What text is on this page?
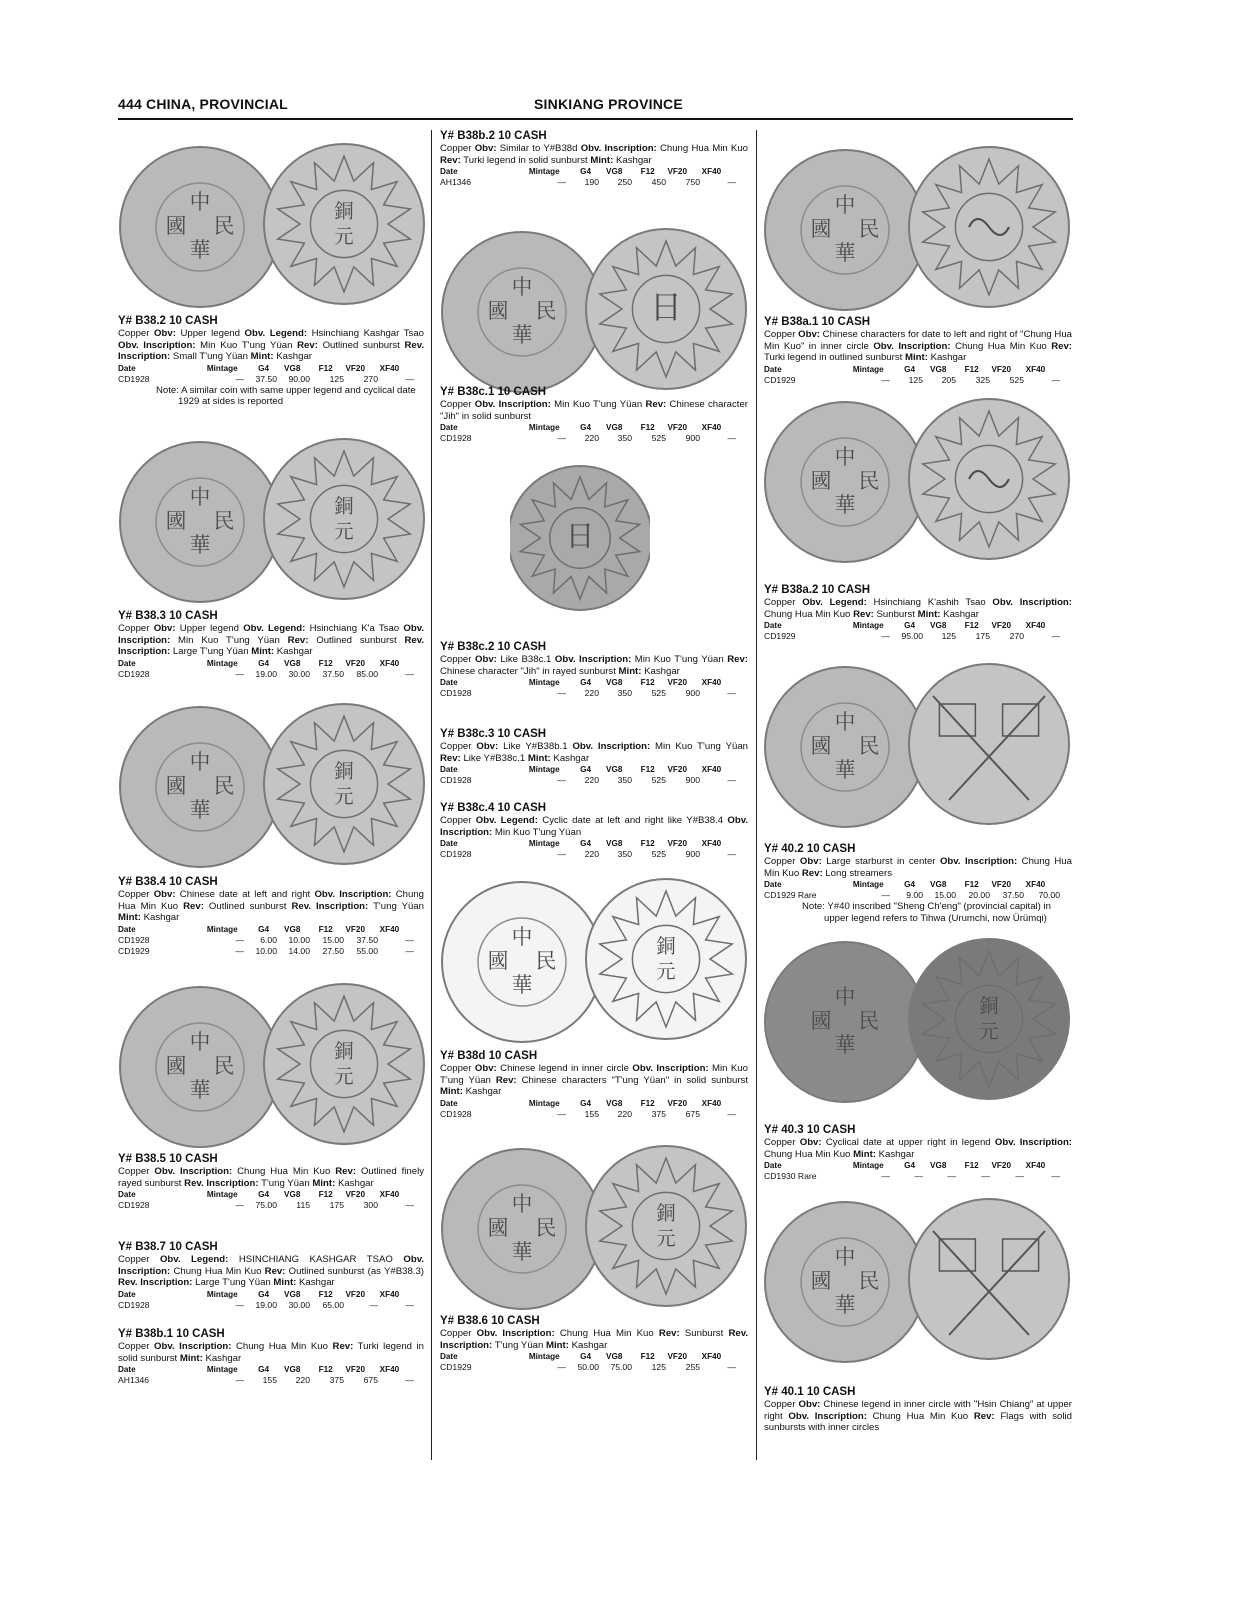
444 CHINA, PROVINCIAL	SINKIANG PROVINCE
中
民
華
國
銅
元
中
民
華
國
銅
元
中
民
華
國
銅
元
中
民
華
國
銅
元
中
民
華
國	日
日
中
民
華
國
銅
元
中
民
華
國
銅
元
中
民
華
國
中
民
華
國
中
民
華
國
中
民
華
國
銅
元
中
民
華
國
Y# B38.2 10 CASH
Copper Obv: Upper legend Obv. Legend: Hsinchiang Kashgar Tsao Obv. Inscription: Min Kuo T'ung Yüan Rev: Outlined sunburst Rev. Inscription: Small T'ung Yüan Mint: Kashgar
Date	Mintage	G4	VG8	F12	VF20	XF40
CD1928	—	37.50	90.00	125	270	—
Note: A similar coin with same upper legend and cyclical date 1929 at sides is reported
Y# B38.3 10 CASH
Copper Obv: Upper legend Obv. Legend: Hsinchiang K'a Tsao Obv. Inscription: Min Kuo T'ung Yüan Rev: Outlined sunburst Rev. Inscription: Large T'ung Yüan Mint: Kashgar
Date	Mintage	G4	VG8	F12	VF20	XF40
CD1928	—	19.00	30.00	37.50	85.00	—
Y# B38.4 10 CASH
Copper Obv: Chinese date at left and right Obv. Inscription: Chung Hua Min Kuo Rev: Outlined sunburst Rev. Inscription: T'ung Yüan Mint: Kashgar
Date	Mintage	G4	VG8	F12	VF20	XF40
CD1928	—	6.00	10.00	15.00	37.50	—
CD1929	—	10.00	14.00	27.50	55.00	—
Y# B38.5 10 CASH
Copper Obv. Inscription: Chung Hua Min Kuo Rev: Outlined finely rayed sunburst Rev. Inscription: T'ung Yüan Mint: Kashgar
Date	Mintage	G4	VG8	F12	VF20	XF40
CD1928	—	75.00	115	175	300	—
Y# B38.7 10 CASH
Copper Obv. Legend: HSINCHIANG KASHGAR TSAO Obv. Inscription: Chung Hua Min Kuo Rev: Outlined sunburst (as Y#B38.3) Rev. Inscription: Large T'ung Yüan Mint: Kashgar
Date	Mintage	G4	VG8	F12	VF20	XF40
CD1928	—	19.00	30.00	65.00	—	—
Y# B38b.1 10 CASH
Copper Obv. Inscription: Chung Hua Min Kuo Rev: Turki legend in solid sunburst Mint: Kashgar
Date	Mintage	G4	VG8	F12	VF20	XF40
AH1346	—	155	220	375	675	—
Y# B38b.2 10 CASH
Copper Obv: Similar to Y#B38d Obv. Inscription: Chung Hua Min Kuo Rev: Turki legend in solid sunburst Mint: Kashgar
Date	Mintage	G4	VG8	F12	VF20	XF40
AH1346	—	190	250	450	750	—
Y# B38c.1 10 CASH
Copper Obv. Inscription: Min Kuo T'ung Yüan Rev: Chinese character "Jih" in solid sunburst
Date	Mintage	G4	VG8	F12	VF20	XF40
CD1928	—	220	350	525	900	—
Y# B38c.2 10 CASH
Copper Obv: Like B38c.1 Obv. Inscription: Min Kuo T'ung Yüan Rev: Chinese character "Jih" in rayed sunburst Mint: Kashgar
Date	Mintage	G4	VG8	F12	VF20	XF40
CD1928	—	220	350	525	900	—
Y# B38c.3 10 CASH
Copper Obv: Like Y#B38b.1 Obv. Inscription: Min Kuo T'ung Yüan Rev: Like Y#B38c.1 Mint: Kashgar
Date	Mintage	G4	VG8	F12	VF20	XF40
CD1928	—	220	350	525	900	—
Y# B38c.4 10 CASH
Copper Obv. Legend: Cyclic date at left and right like Y#B38.4 Obv. Inscription: Min Kuo T'ung Yüan
Date	Mintage	G4	VG8	F12	VF20	XF40
CD1928	—	220	350	525	900	—
Y# B38d 10 CASH
Copper Obv: Chinese legend in inner circle Obv. Inscription: Min Kuo T'ung Yüan Rev: Chinese characters "T'ung Yüan" in solid sunburst Mint: Kashgar
Date	Mintage	G4	VG8	F12	VF20	XF40
CD1928	—	155	220	375	675	—
Y# B38.6 10 CASH
Copper Obv. Inscription: Chung Hua Min Kuo Rev: Sunburst Rev. Inscription: T'ung Yüan Mint: Kashgar
Date	Mintage	G4	VG8	F12	VF20	XF40
CD1929	—	50.00	75.00	125	255	—
Y# B38a.1 10 CASH
Copper Obv: Chinese characters for date to left and right of "Chung Hua Min Kuo" in inner circle Obv. Inscription: Chung Hua Min Kuo Rev: Turki legend in outlined sunburst Mint: Kashgar
Date	Mintage	G4	VG8	F12	VF20	XF40
CD1929	—	125	205	325	525	—
Y# B38a.2 10 CASH
Copper Obv. Legend: Hsinchiang K'ashih Tsao Obv. Inscription: Chung Hua Min Kuo Rev: Sunburst Mint: Kashgar
Date	Mintage	G4	VG8	F12	VF20	XF40
CD1929	—	95.00	125	175	270	—
Y# 40.2 10 CASH
Copper Obv: Large starburst in center Obv. Inscription: Chung Hua Min Kuo Rev: Long streamers
Date	Mintage	G4	VG8	F12	VF20	XF40
CD1929 Rare	—	9.00	15.00	20.00	37.50	70.00
Note: Y#40 inscribed "Sheng Ch'eng" (provincial capital) in upper legend refers to Tihwa (Urumchi, now Ürümqi)
Y# 40.3 10 CASH
Copper Obv: Cyclical date at upper right in legend Obv. Inscription: Chung Hua Min Kuo Mint: Kashgar
Date	Mintage	G4	VG8	F12	VF20	XF40
CD1930 Rare	—	—	—	—	—	—
Y# 40.1 10 CASH
Copper Obv: Chinese legend in inner circle with "Hsin Chiang" at upper right Obv. Inscription: Chung Hua Min Kuo Rev: Flags with solid sunbursts with inner circles
